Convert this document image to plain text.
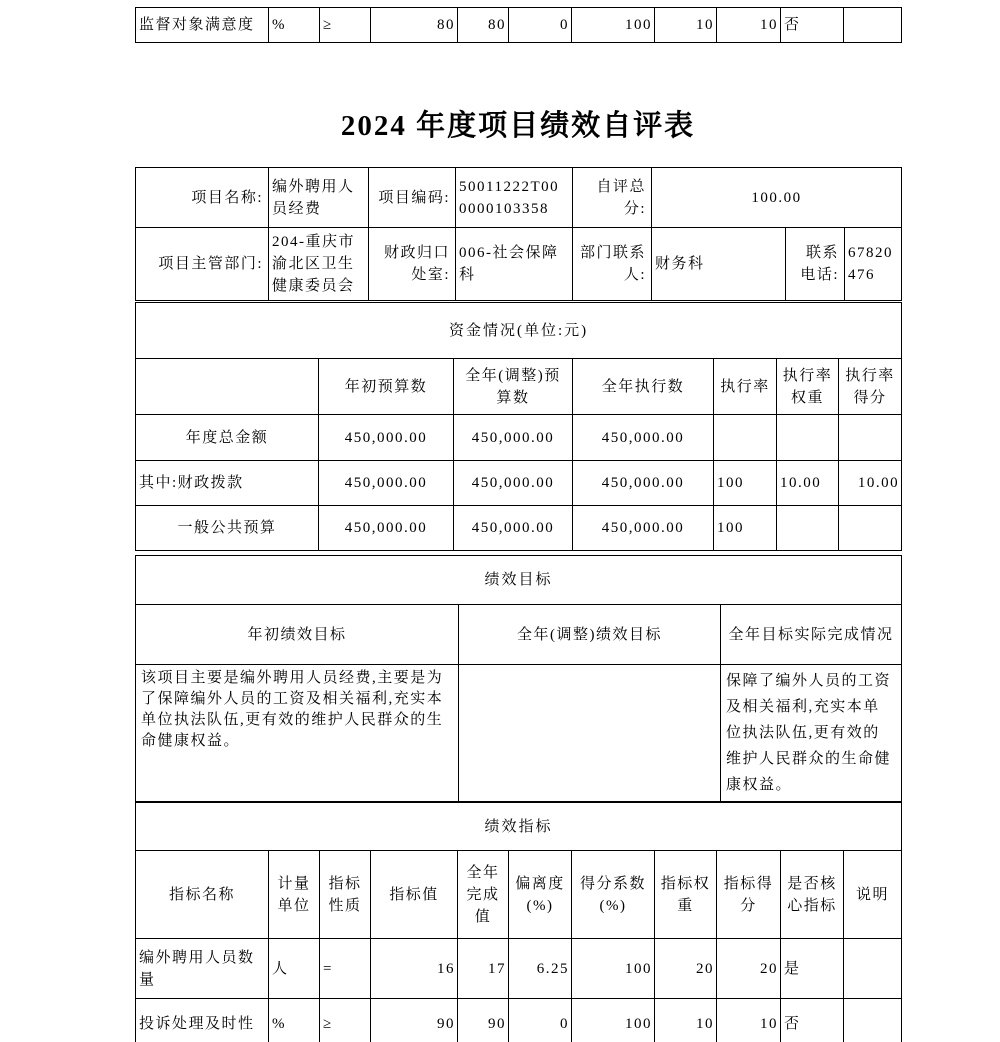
监督对象满意度	%	≥	80	80	0	100	10	10	否	
2024 年度项目绩效自评表
项目名称:	编外聘用人员经费	项目编码:	50011222T000000103358	自评总分:	100.00		
项目主管部门:	204-重庆市渝北区卫生健康委员会	财政归口处室:	006-社会保障科	部门联系人:	财务科	联系电话:	67820476
资金情况(单位:元)						
	年初预算数	全年(调整)预算数	全年执行数	执行率	执行率权重	执行率得分
年度总金额	450,000.00	450,000.00	450,000.00			
其中:财政拨款	450,000.00	450,000.00	450,000.00	100	10.00	10.00
一般公共预算	450,000.00	450,000.00	450,000.00	100		
绩效目标		
年初绩效目标	全年(调整)绩效目标	全年目标实际完成情况
该项目主要是编外聘用人员经费,主要是为了保障编外人员的工资及相关福利,充实本单位执法队伍,更有效的维护人民群众的生命健康权益。		保障了编外人员的工资及相关福利,充实本单位执法队伍,更有效的维护人民群众的生命健康权益。
绩效指标										
指标名称	计量单位	指标性质	指标值	全年完成值	偏离度(%)	得分系数(%)	指标权重	指标得分	是否核心指标	说明
编外聘用人员数量	人	=	16	17	6.25	100	20	20	是	
投诉处理及时性	%	≥	90	90	0	100	10	10	否	
